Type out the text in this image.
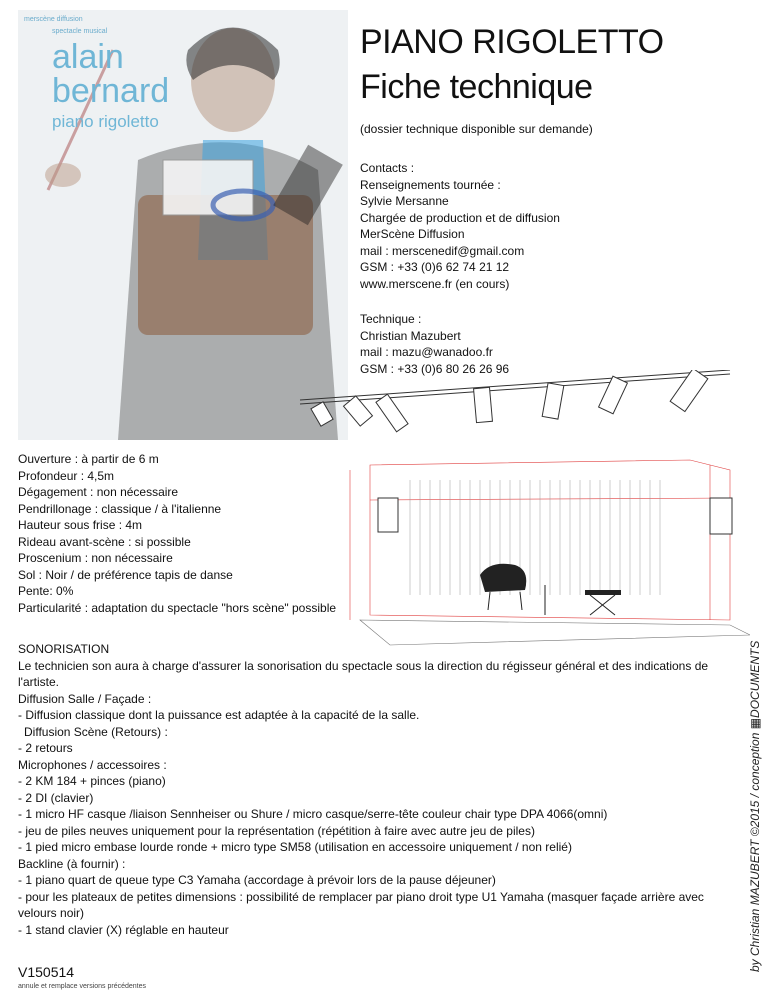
merscène diffusion
spectacle musical
alain
bernard
piano rigoletto
PIANO RIGOLETTO
Fiche technique
(dossier technique disponible sur demande)
Contacts :
Renseignements tournée :
Sylvie Mersanne
Chargée de production et de diffusion
MerScène Diffusion
mail : merscenedif@gmail.com
GSM : +33 (0)6 62 74 21 12
www.merscene.fr (en cours)
Technique :
Christian Mazubert
mail : mazu@wanadoo.fr
GSM : +33 (0)6 80 26 26 96
Ouverture : à partir de 6 m
Profondeur : 4,5m
Dégagement : non nécessaire
Pendrillonage : classique / à l'italienne
Hauteur sous frise : 4m
Rideau avant-scène : si possible
Proscenium : non nécessaire
Sol : Noir / de préférence tapis de danse
Pente: 0%
Particularité : adaptation du spectacle "hors scène" possible
SONORISATION
Le technicien son aura à charge d'assurer la sonorisation du spectacle sous la direction du régisseur général et des indications de l'artiste.
Diffusion Salle / Façade :
- Diffusion classique dont la puissance est adaptée à la capacité de la salle.
Diffusion Scène (Retours) :
- 2 retours
Microphones / accessoires :
- 2 KM 184 + pinces (piano)
- 2 DI (clavier)
- 1 micro HF casque /liaison Sennheiser ou Shure / micro casque/serre-tête couleur chair type DPA 4066(omni)
- jeu de piles neuves uniquement pour la représentation (répétition à faire avec autre jeu de piles)
- 1 pied micro embase lourde ronde + micro type SM58 (utilisation en accessoire uniquement / non relié)
Backline (à fournir) :
- 1 piano quart de queue type C3 Yamaha (accordage à prévoir lors de la pause déjeuner)
- pour les plateaux de petites dimensions : possibilité de remplacer par piano droit type U1 Yamaha (masquer façade arrière avec velours noir)
- 1 stand clavier (X) réglable en hauteur
V150514
annule et remplace versions précédentes
by Christian MAZUBERT ©2015 / conception ▦DOCUMENTS
